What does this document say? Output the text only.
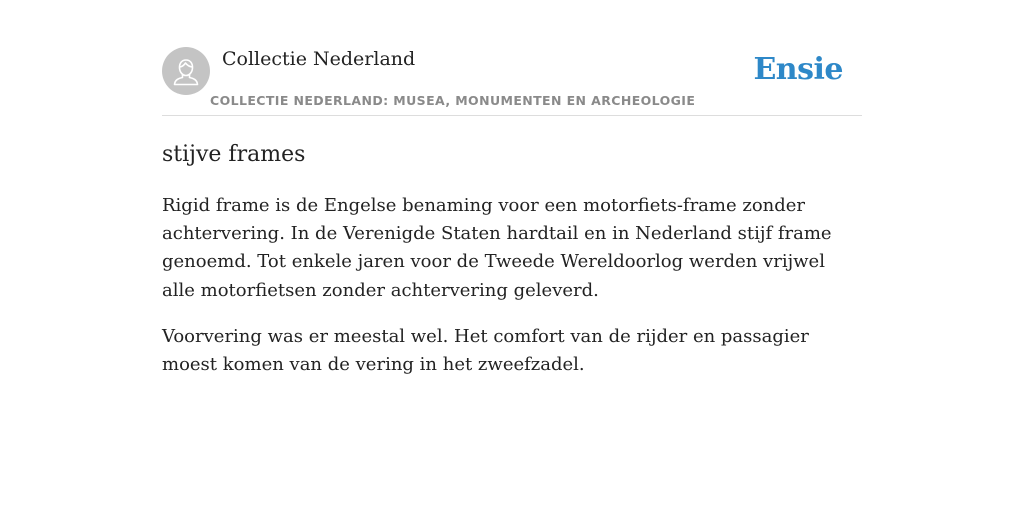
Collectie Nederland
COLLECTIE NEDERLAND: MUSEA, MONUMENTEN EN ARCHEOLOGIE
Ensie
stijve frames

Rigid frame is de Engelse benaming voor een motorfiets-frame zonder achtervering. In de Verenigde Staten hardtail en in Nederland stijf frame genoemd. Tot enkele jaren voor de Tweede Wereldoorlog werden vrijwel alle motorfietsen zonder achtervering geleverd.

Voorvering was er meestal wel. Het comfort van de rijder en passagier moest komen van de vering in het zweefzadel.
